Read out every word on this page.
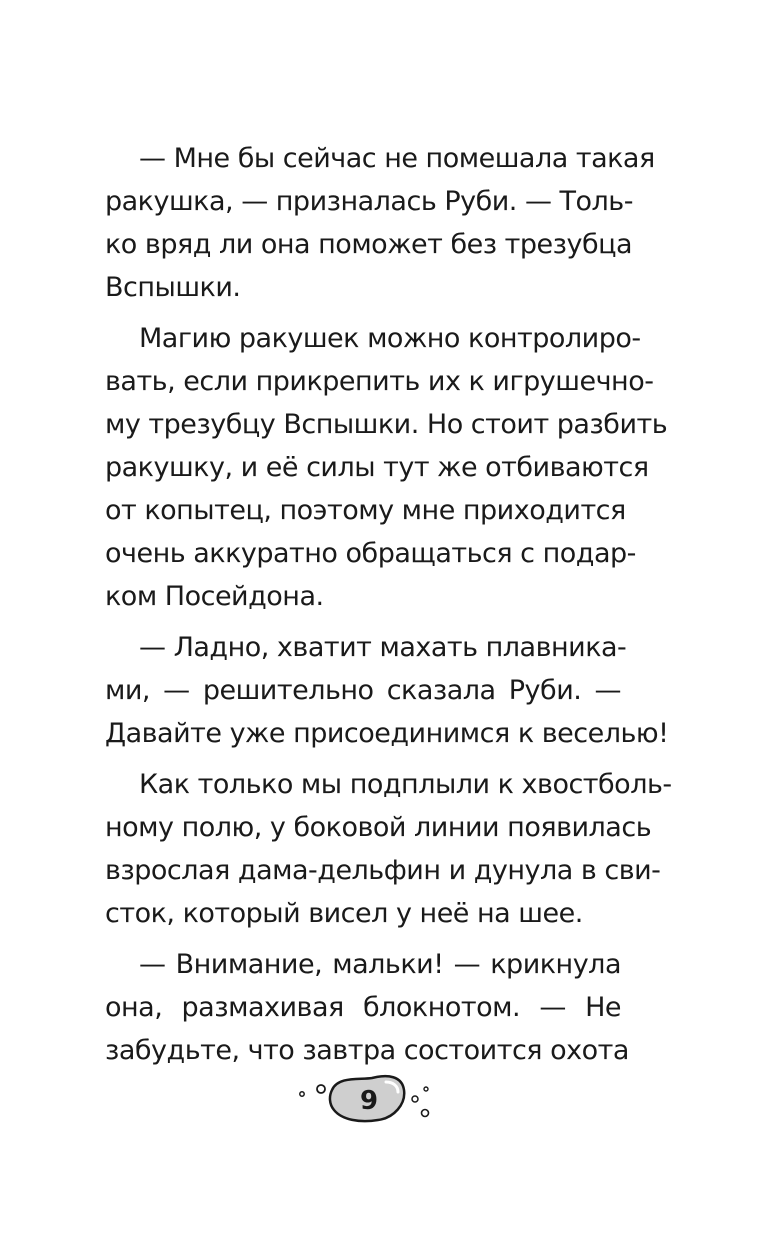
— Мне бы сейчас не помешала такая
ракушка, — призналась Руби. — Толь-
ко вряд ли она поможет без трезубца
Вспышки.
Магию ракушек можно контролиро-
вать, если прикрепить их к игрушечно-
му трезубцу Вспышки. Но стоит разбить
ракушку, и её силы тут же отбиваются
от копытец, поэтому мне приходится
очень аккуратно обращаться с подар-
ком Посейдона.
— Ладно, хватит махать плавника-
ми, — решительно сказала Руби. —
Давайте уже присоединимся к веселью!
Как только мы подплыли к хвостболь-
ному полю, у боковой линии появилась
взрослая дама-дельфин и дунула в сви-
сток, который висел у неё на шее.
— Внимание, мальки! — крикнула
она, размахивая блокнотом. — Не
забудьте, что завтра состоится охота
9
